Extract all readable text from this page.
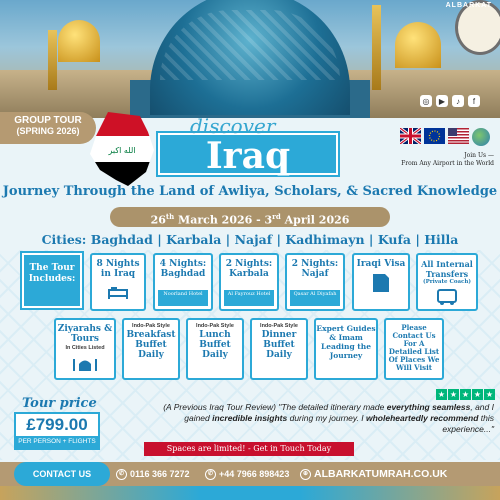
ALBARKAT
◎	▶	♪	f
GROUP TOUR
(SPRING 2026)
الله اكبر
discover
Iraq	Join Us —
From Any Airport in the World
Journey Through the Land of Awliya, Scholars, & Sacred Knowledge
26th March 2026 - 3rd April 2026
Cities: Baghdad | Karbala | Najaf | Kadhimayn | Kufa | Hilla
The Tour Includes:
8 Nights in Iraq
4 Nights: Baghdad
Noorland Hotel
2 Nights: Karbala
Al Fayrouz Hotel
2 Nights: Najaf
Qasar Al Diyafah
Iraqi Visa	All Internal Transfers
(Private Coach)
Ziyarahs & Tours
In Cities Listed
Indo-Pak Style
Breakfast Buffet Daily
Indo-Pak Style
Lunch Buffet Daily
Indo-Pak Style
Dinner Buffet Daily
Expert Guides & Imam Leading the Journey
Please Contact Us For A Detailed List Of Places We Will Visit
Tour price
£799.00
PER PERSON + FLIGHTS
★ ★ ★ ★ ★
(A Previous Iraq Tour Review) "The detailed itinerary made everything seamless, and I gained incredible insights during my journey. I wholeheartedly recommend this experience..."
Spaces are limited! - Get in Touch Today
CONTACT US	✆ 0116 366 7272	✆ +44 7966 898423	⊕ ALBARKATUMRAH.CO.UK
